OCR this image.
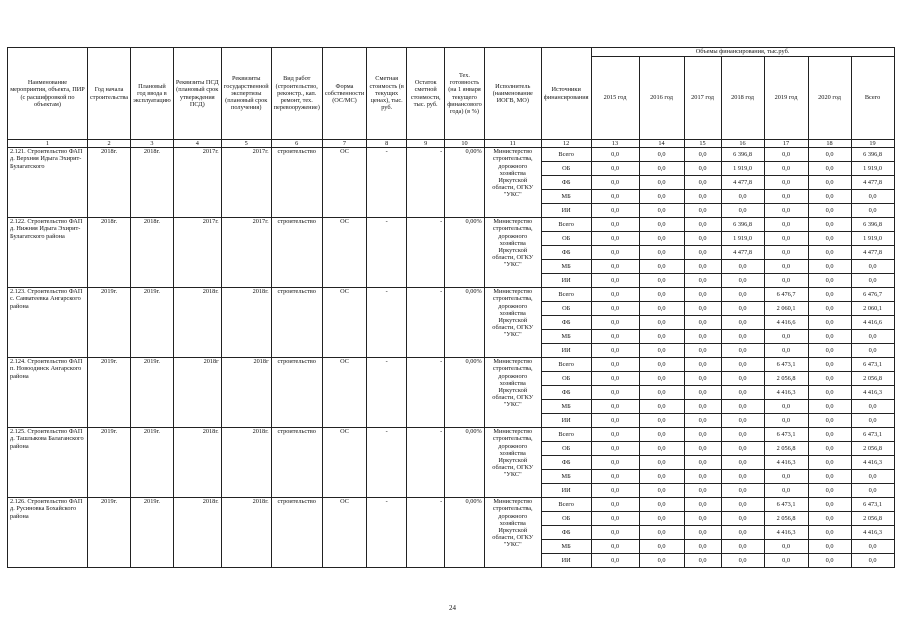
Наименование мероприятия, объекта, ПИР (с расшифровкой по объектам)	Год начала строительства	Плановый год ввода в эксплуатацию	Реквизиты ПСД (плановый срок утверждения ПСД)	Реквизиты государственной экспертизы (плановый срок получения)	Вид работ (строительство, реконстр., кап. ремонт, тех. перевооружение)	Форма собственности (ОС/МС)	Сметная стоимость (в текущих ценах), тыс. руб.	Остаток сметной стоимости, тыс. руб.	Тех. готовность (на 1 января текущего финансового года) (в %)	Исполнитель (наименование ИОГВ, МО)	Источники финансирования	Объемы финансирования, тыс.руб.						
												2015 год	2016 год	2017 год	2018 год	2019 год	2020 год	Всего
1	2	3	4	5	6	7	8	9	10	11	12	13	14	15	16	17	18	19
2.121. Строительство ФАП д. Верхняя Идыга Эхирит-Булагатского	2018г.	2018г.	2017г.	2017г.	строительство	ОС	-	-	0,00%	Министерство строительства, дорожного хозяйства Иркутской области, ОГКУ "УКС"	Всего	0,0	0,0	0,0	6 396,8	0,0	0,0	6 396,8
											ОБ	0,0	0,0	0,0	1 919,0	0,0	0,0	1 919,0
											ФБ	0,0	0,0	0,0	4 477,8	0,0	0,0	4 477,8
											МБ	0,0	0,0	0,0	0,0	0,0	0,0	0,0
											ИИ	0,0	0,0	0,0	0,0	0,0	0,0	0,0
2.122. Строительство ФАП д. Нижняя Идыга Эхирит-Булагатского района	2018г.	2018г.	2017г.	2017г.	строительство	ОС	-	-	0,00%	Министерство строительства, дорожного хозяйства Иркутской области, ОГКУ "УКС"	Всего	0,0	0,0	0,0	6 396,8	0,0	0,0	6 396,8
											ОБ	0,0	0,0	0,0	1 919,0	0,0	0,0	1 919,0
											ФБ	0,0	0,0	0,0	4 477,8	0,0	0,0	4 477,8
											МБ	0,0	0,0	0,0	0,0	0,0	0,0	0,0
											ИИ	0,0	0,0	0,0	0,0	0,0	0,0	0,0
2.123. Строительство ФАП с. Савватеевка Ангарского района	2019г.	2019г.	2018г.	2018г.	строительство	ОС	-	-	0,00%	Министерство строительства, дорожного хозяйства Иркутской области, ОГКУ "УКС"	Всего	0,0	0,0	0,0	0,0	6 476,7	0,0	6 476,7
											ОБ	0,0	0,0	0,0	0,0	2 060,1	0,0	2 060,1
											ФБ	0,0	0,0	0,0	0,0	4 416,6	0,0	4 416,6
											МБ	0,0	0,0	0,0	0,0	0,0	0,0	0,0
											ИИ	0,0	0,0	0,0	0,0	0,0	0,0	0,0
2.124. Строительство ФАП п. Новоодинск Ангарского района	2019г.	2019г.	2018г	2018г	строительство	ОС	-	-	0,00%	Министерство строительства, дорожного хозяйства Иркутской области, ОГКУ "УКС"	Всего	0,0	0,0	0,0	0,0	6 473,1	0,0	6 473,1
											ОБ	0,0	0,0	0,0	0,0	2 056,8	0,0	2 056,8
											ФБ	0,0	0,0	0,0	0,0	4 416,3	0,0	4 416,3
											МБ	0,0	0,0	0,0	0,0	0,0	0,0	0,0
											ИИ	0,0	0,0	0,0	0,0	0,0	0,0	0,0
2.125. Строительство ФАП д. Ташлыкова Балаганского района	2019г.	2019г.	2018г.	2018г.	строительство	ОС	-	-	0,00%	Министерство строительства, дорожного хозяйства Иркутской области, ОГКУ "УКС"	Всего	0,0	0,0	0,0	0,0	6 473,1	0,0	6 473,1
											ОБ	0,0	0,0	0,0	0,0	2 056,8	0,0	2 056,8
											ФБ	0,0	0,0	0,0	0,0	4 416,3	0,0	4 416,3
											МБ	0,0	0,0	0,0	0,0	0,0	0,0	0,0
											ИИ	0,0	0,0	0,0	0,0	0,0	0,0	0,0
2.126. Строительство ФАП д. Русиновка Бохайского района	2019г.	2019г.	2018г.	2018г.	строительство	ОС	-	-	0,00%	Министерство строительства, дорожного хозяйства Иркутской области, ОГКУ "УКС"	Всего	0,0	0,0	0,0	0,0	6 473,1	0,0	6 473,1
											ОБ	0,0	0,0	0,0	0,0	2 056,8	0,0	2 056,8
											ФБ	0,0	0,0	0,0	0,0	4 416,3	0,0	4 416,3
											МБ	0,0	0,0	0,0	0,0	0,0	0,0	0,0
											ИИ	0,0	0,0	0,0	0,0	0,0	0,0	0,0
24
